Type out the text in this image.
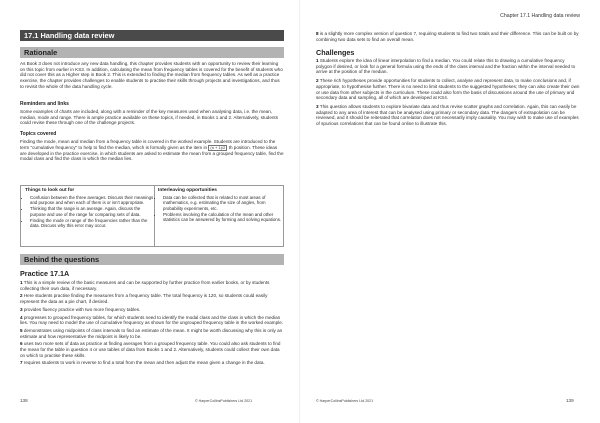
17.1 Handling data review
Rationale
As Book 3 does not introduce any new data handling, this chapter provides students with an opportunity to review their learning on this topic from earlier in KS3. In addition, calculating the mean from frequency tables is covered for the benefit of students who did not cover this as a Higher step in Book 2. This is extended to finding the median from frequency tables. As well as a practice exercise, the chapter provides challenges to enable students to practise their skills through projects and investigations, and thus to revisit the whole of the data handling cycle.
Reminders and links
Some examples of charts are included, along with a reminder of the key measures used when analysing data, i.e. the mean, median, mode and range. There is ample practice available on these topics, if needed, in Books 1 and 2. Alternatively, students could revise these through one of the challenge projects.
Topics covered
Finding the mode, mean and median from a frequency table is covered in the worked example. Students are introduced to the term "cumulative frequency" to help to find the median, which is formally given as the item in (n + 1)/2 th position. These ideas are developed in the practice exercise, in which students are asked to estimate the mean from a grouped frequency table, find the modal class and find the class in which the median lies.
Things to look out for
• Confusion between the three averages. Discuss their meanings and purpose and when each of them is or isn't appropriate.
• Thinking that the range is an average. Again, discuss the purpose and use of the range for comparing sets of data.
• Finding the mode or range of the frequencies rather than the data. Discuss why this error may occur.
Interleaving opportunities
• Data can be collected that is related to most areas of mathematics, e.g. estimating the size of angles, from probability experiments, etc.
• Problems involving the calculation of the mean and other statistics can be answered by forming and solving equations.
Behind the questions
Practice 17.1A
1 This is a simple review of the basic measures and can be supported by further practice from earlier books, or by students collecting their own data, if necessary.
2 Here students practise finding the measures from a frequency table. The total frequency is 120, so students could easily represent the data as a pie chart, if desired.
3 provides fluency practice with two more frequency tables.
4 progresses to grouped frequency tables, for which students need to identify the modal class and the class in which the median lies. You may need to model the use of cumulative frequency as shown for the ungrouped frequency table in the worked example.
5 demonstrates using midpoints of class intervals to find an estimate of the mean. It might be worth discussing why this is only an estimate and how representative the midpoint is likely to be.
6 uses two more sets of data as practice at finding averages from a grouped frequency table. You could also ask students to find the mean for the table in question 4 or use tables of data from Books 1 and 2. Alternatively, students could collect their own data on which to practise these skills.
7 requires students to work in reverse to find a total from the mean and then adjust the mean given a change in the data.
138	© HarperCollinsPublishers Ltd 2021
Chapter 17.1 Handling data review
8 is a slightly more complex version of question 7, requiring students to find two totals and their difference. This can be built on by combining two data sets to find an overall mean.
Challenges
1 Students explore the idea of linear interpolation to find a median. You could relate this to drawing a cumulative frequency polygon if desired, or look for a general formula using the ends of the class interval and the fraction within the interval needed to arrive at the position of the median.
2 These rich hypotheses provide opportunities for students to collect, analyse and represent data, to make conclusions and, if appropriate, to hypothesise further. There is no need to limit students to the suggested hypotheses; they can also create their own or use data from other subjects in the curriculum. These could also form the basis of discussions around the use of primary and secondary data and sampling, all of which are developed at KS4.
3 This question allows students to explore bivariate data and thus revise scatter graphs and correlation. Again, this can easily be adapted to any area of interest that can be analysed using primary or secondary data. The dangers of extrapolation can be reviewed, and it should be reiterated that correlation does not necessarily imply causality. You may wish to make use of examples of spurious correlations that can be found online to illustrate this.
© HarperCollinsPublishers Ltd 2021	139
